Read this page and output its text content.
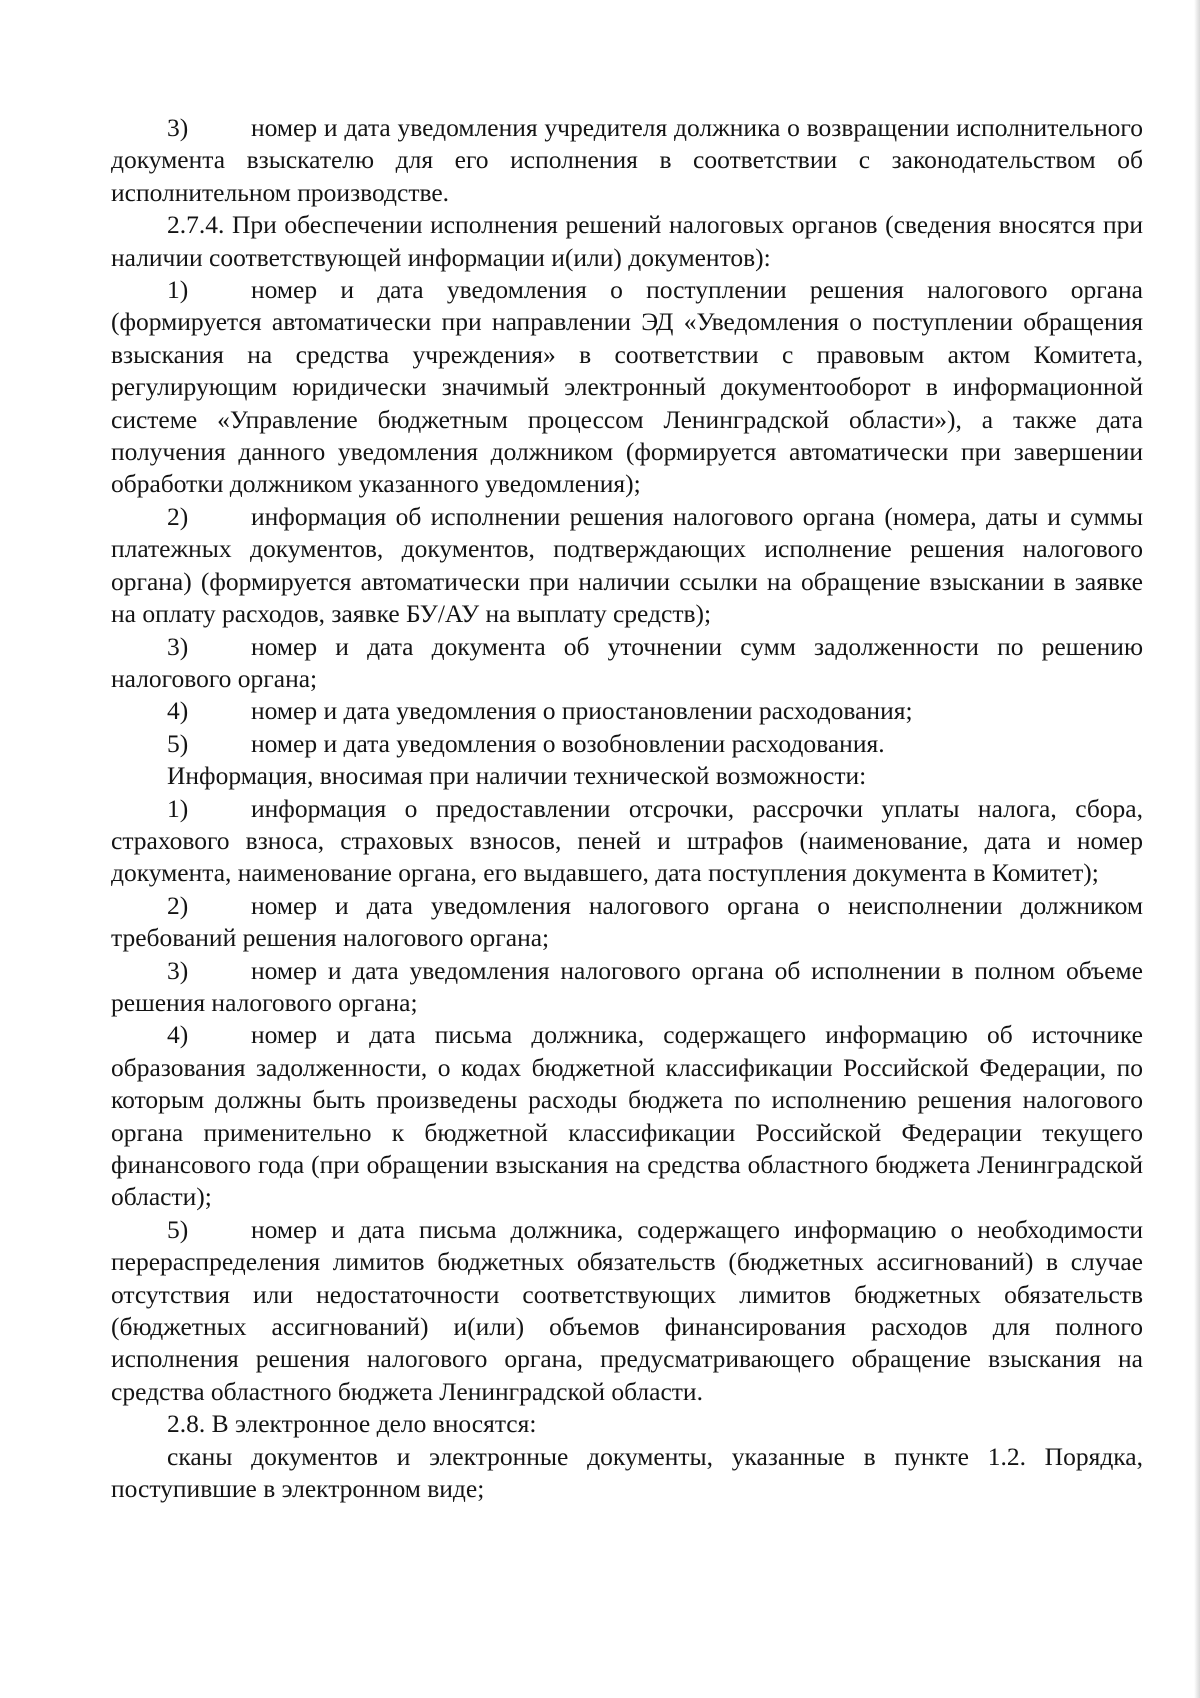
3) номер и дата уведомления учредителя должника о возвращении исполнительного документа взыскателю для его исполнения в соответствии с законодательством об исполнительном производстве.

2.7.4. При обеспечении исполнения решений налоговых органов (сведения вносятся при наличии соответствующей информации и(или) документов):

1) номер и дата уведомления о поступлении решения налогового органа (формируется автоматически при направлении ЭД «Уведомления о поступлении обращения взыскания на средства учреждения» в соответствии с правовым актом Комитета, регулирующим юридически значимый электронный документооборот в информационной системе «Управление бюджетным процессом Ленинградской области»), а также дата получения данного уведомления должником (формируется автоматически при завершении обработки должником указанного уведомления);

2) информация об исполнении решения налогового органа (номера, даты и суммы платежных документов, документов, подтверждающих исполнение решения налогового органа) (формируется автоматически при наличии ссылки на обращение взыскании в заявке на оплату расходов, заявке БУ/АУ на выплату средств);

3) номер и дата документа об уточнении сумм задолженности по решению налогового органа;

4) номер и дата уведомления о приостановлении расходования;

5) номер и дата уведомления о возобновлении расходования.

Информация, вносимая при наличии технической возможности:

1) информация о предоставлении отсрочки, рассрочки уплаты налога, сбора, страхового взноса, страховых взносов, пеней и штрафов (наименование, дата и номер документа, наименование органа, его выдавшего, дата поступления документа в Комитет);

2) номер и дата уведомления налогового органа о неисполнении должником требований решения налогового органа;

3) номер и дата уведомления налогового органа об исполнении в полном объеме решения налогового органа;

4) номер и дата письма должника, содержащего информацию об источнике образования задолженности, о кодах бюджетной классификации Российской Федерации, по которым должны быть произведены расходы бюджета по исполнению решения налогового органа применительно к бюджетной классификации Российской Федерации текущего финансового года (при обращении взыскания на средства областного бюджета Ленинградской области);

5) номер и дата письма должника, содержащего информацию о необходимости перераспределения лимитов бюджетных обязательств (бюджетных ассигнований) в случае отсутствия или недостаточности соответствующих лимитов бюджетных обязательств (бюджетных ассигнований) и(или) объемов финансирования расходов для полного исполнения решения налогового органа, предусматривающего обращение взыскания на средства областного бюджета Ленинградской области.

2.8. В электронное дело вносятся:

сканы документов и электронные документы, указанные в пункте 1.2. Порядка, поступившие в электронном виде;
